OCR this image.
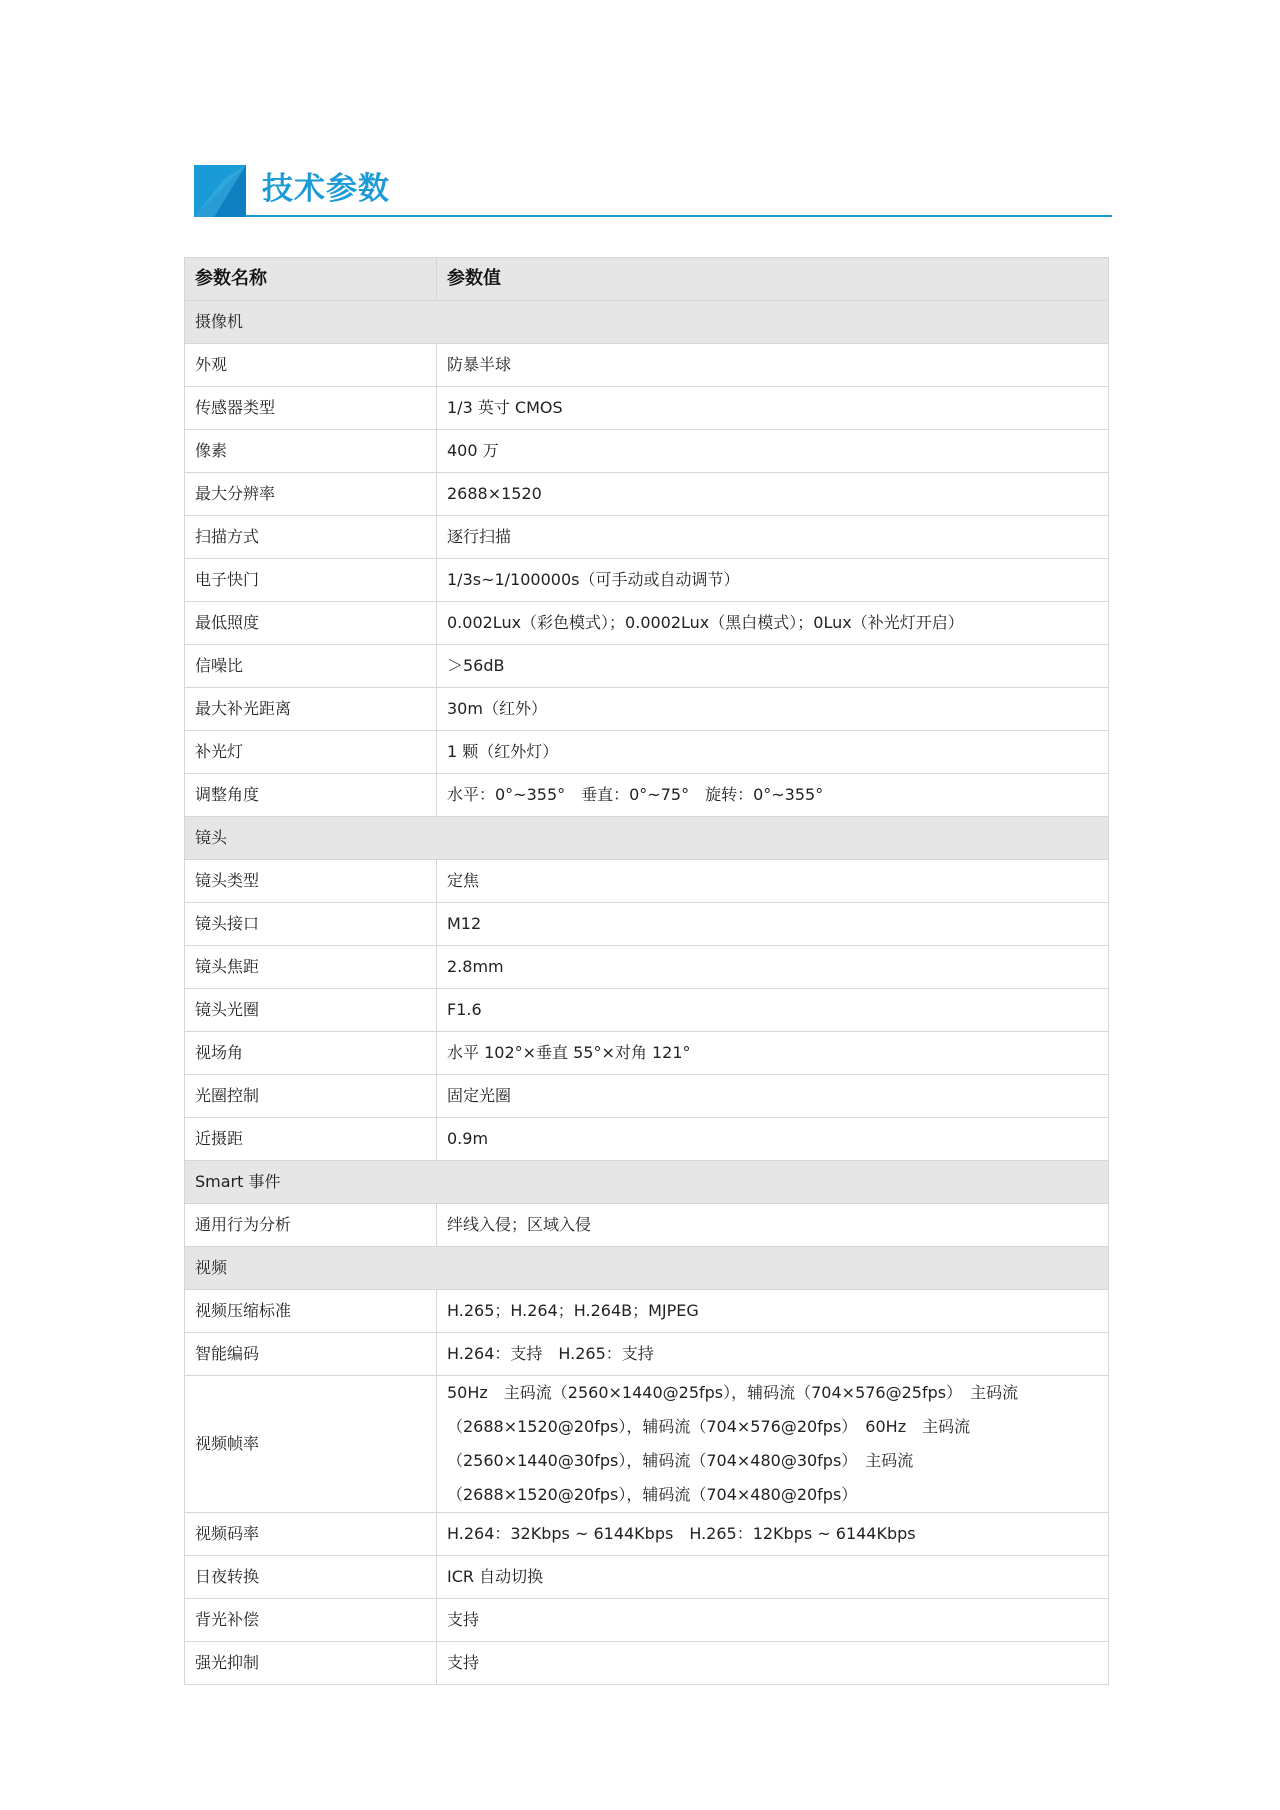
技术参数
参数名称	参数值
摄像机	
外观	防暴半球
传感器类型	1/3 英寸 CMOS
像素	400 万
最大分辨率	2688×1520
扫描方式	逐行扫描
电子快门	1/3s~1/100000s（可手动或自动调节）
最低照度	0.002Lux（彩色模式）；0.0002Lux（黑白模式）；0Lux（补光灯开启）
信噪比	＞56dB
最大补光距离	30m（红外）
补光灯	1 颗（红外灯）
调整角度	水平：0°~355°　垂直：0°~75°　旋转：0°~355°
镜头	
镜头类型	定焦
镜头接口	M12
镜头焦距	2.8mm
镜头光圈	F1.6
视场角	水平 102°×垂直 55°×对角 121°
光圈控制	固定光圈
近摄距	0.9m
Smart 事件	
通用行为分析	绊线入侵；区域入侵
视频	
视频压缩标准	H.265；H.264；H.264B；MJPEG
智能编码	H.264：支持　H.265：支持
视频帧率	50Hz　主码流（2560×1440@25fps），辅码流（704×576@25fps）　主码流（2688×1520@20fps），辅码流（704×576@20fps）　60Hz　主码流（2560×1440@30fps），辅码流（704×480@30fps）　主码流（2688×1520@20fps），辅码流（704×480@20fps）
视频码率	H.264：32Kbps ~ 6144Kbps　H.265：12Kbps ~ 6144Kbps
日夜转换	ICR 自动切换
背光补偿	支持
强光抑制	支持
